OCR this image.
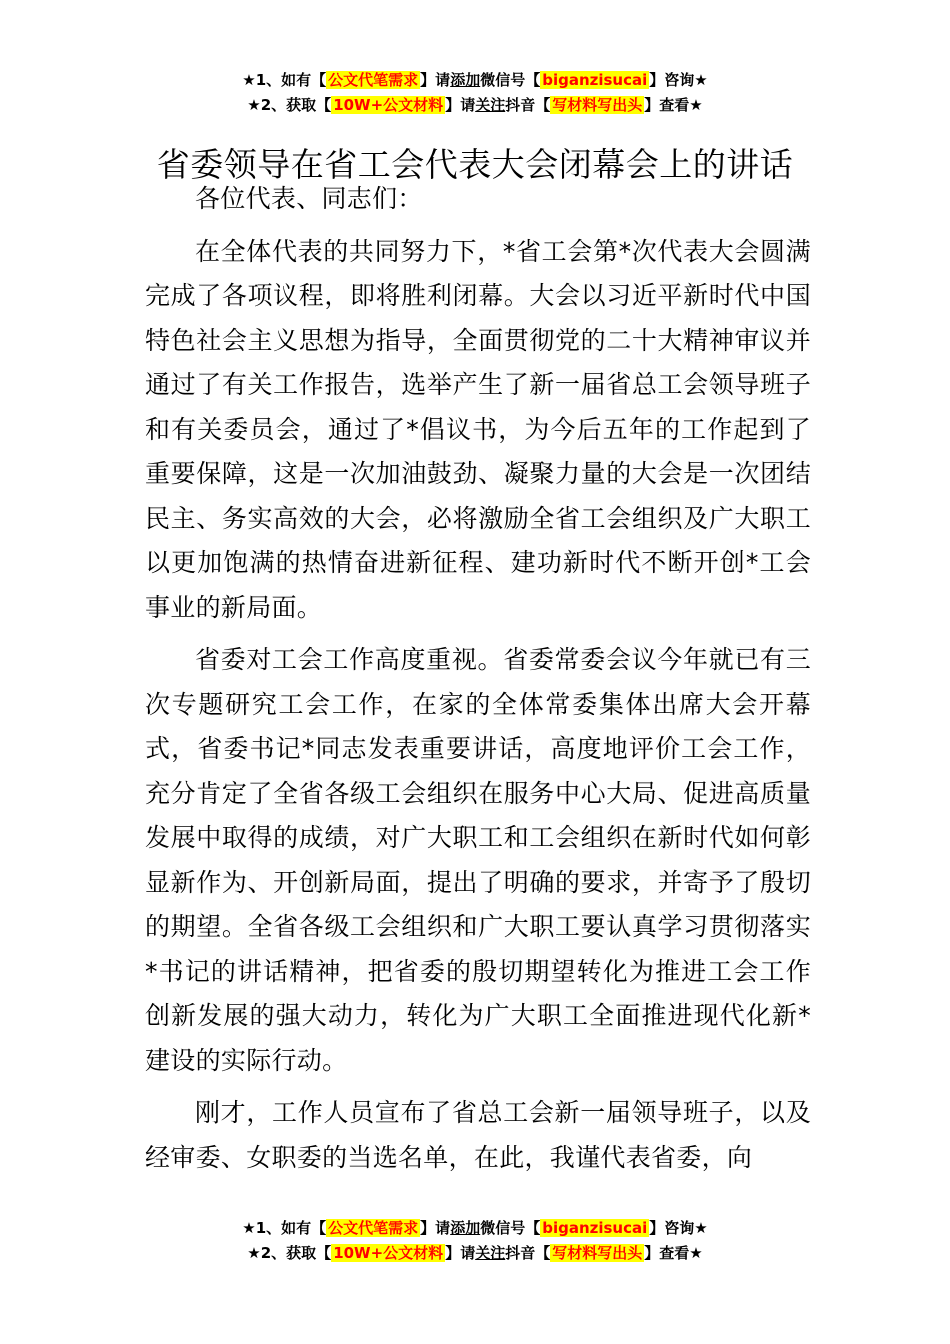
★1、如有【 公文代笔需求 】请添加微信号【 biganzisucai 】咨询★
★2、获取【 10W+公文材料 】请关注抖音【 写材料写出头 】查看★
省委领导在省工会代表大会闭幕会上的讲话

各位代表、同志们：

在全体代表的共同努力下，*省工会第*次代表大会圆满完成了各项议程，即将胜利闭幕。大会以习近平新时代中国特色社会主义思想为指导，全面贯彻党的二十大精神审议并通过了有关工作报告，选举产生了新一届省总工会领导班子和有关委员会，通过了*倡议书，为今后五年的工作起到了重要保障，这是一次加油鼓劲、凝聚力量的大会是一次团结民主、务实高效的大会，必将激励全省工会组织及广大职工以更加饱满的热情奋进新征程、建功新时代不断开创*工会事业的新局面。

省委对工会工作高度重视。省委常委会议今年就已有三次专题研究工会工作，在家的全体常委集体出席大会开幕式，省委书记*同志发表重要讲话，高度地评价工会工作，充分肯定了全省各级工会组织在服务中心大局、促进高质量发展中取得的成绩，对广大职工和工会组织在新时代如何彰显新作为、开创新局面，提出了明确的要求，并寄予了殷切的期望。全省各级工会组织和广大职工要认真学习贯彻落实*书记的讲话精神，把省委的殷切期望转化为推进工会工作创新发展的强大动力，转化为广大职工全面推进现代化新*建设的实际行动。

刚才，工作人员宣布了省总工会新一届领导班子，以及经审委、女职委的当选名单，在此，我谨代表省委，向

★1、如有【 公文代笔需求 】请添加微信号【 biganzisucai 】咨询★
★2、获取【 10W+公文材料 】请关注抖音【 写材料写出头 】查看★
